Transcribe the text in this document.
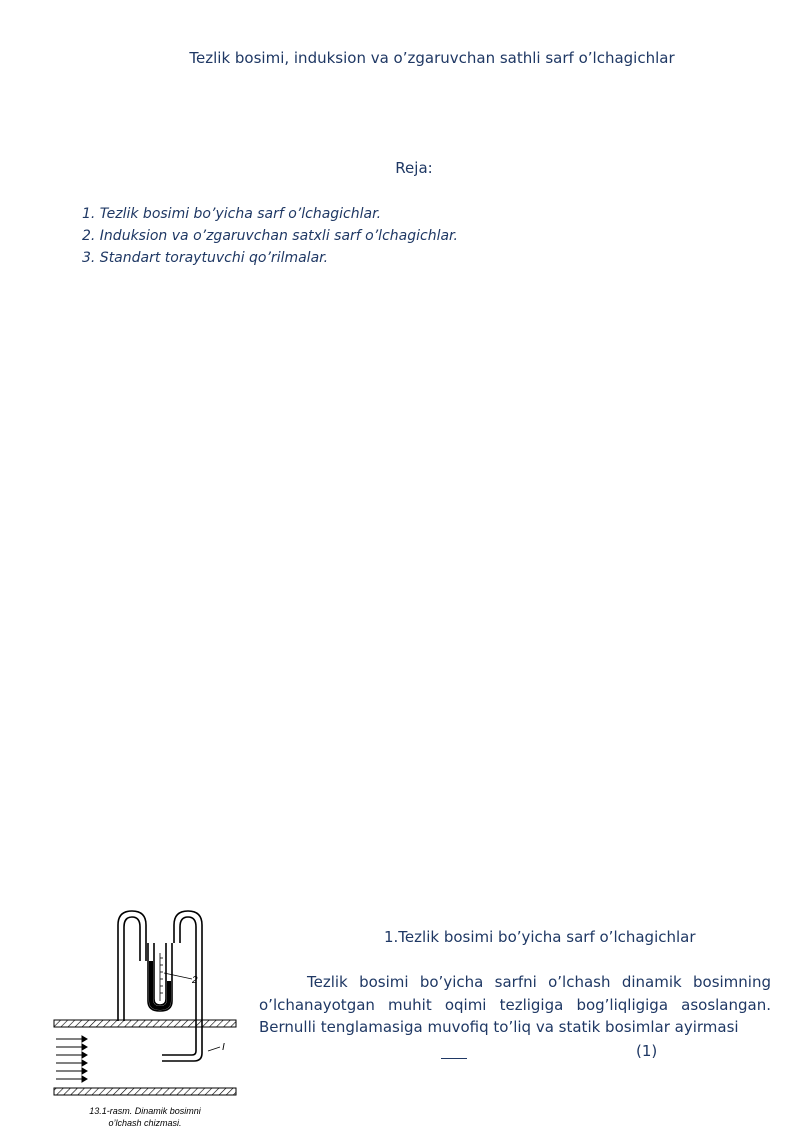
Tezlik bosimi, induksion va o’zgaruvchan sathli sarf o’lchagichlar
Reja:
1. Tezlik bosimi bo’yicha sarf o’lchagichlar.
2. Induksion va o’zgaruvchan satxli sarf o’lchagichlar.
3. Standart toraytuvchi qo’rilmalar.
2
I
13.1-rasm. Dinamik bosimni
o’lchash chizmasi.
1.Tezlik bosimi bo’yicha sarf o’lchagichlar
Tezlik bosimi bo’yicha sarfni o’lchash dinamik bosimning o’lchanayotgan muhit oqimi tezligiga bog’liqligiga asoslangan. Bernulli tenglamasiga muvofiq to’liq va statik bosimlar ayirmasi
(1)
